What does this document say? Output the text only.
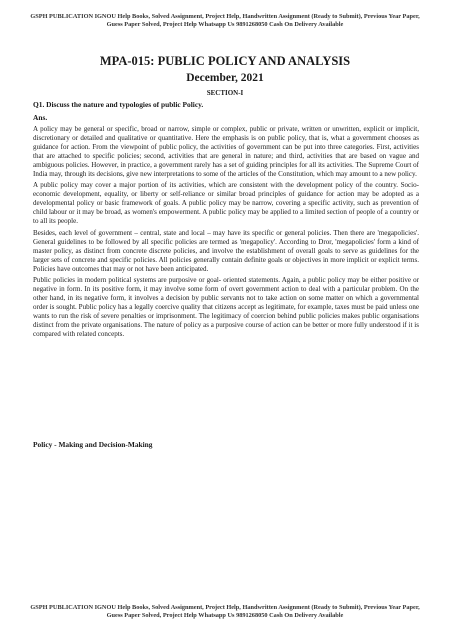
GSPH PUBLICATION IGNOU Help Books, Solved Assignment, Project Help, Handwritten Assignment (Ready to Submit), Previous Year Paper, Guess Paper Solved, Project Help Whatsapp Us 9891268050 Cash On Delivery Available
MPA-015: PUBLIC POLICY AND ANALYSIS
December, 2021
SECTION-I
Q1. Discuss the nature and typologies of public Policy.
Ans.

A policy may be general or specific, broad or narrow, simple or complex, public or private, written or unwritten, explicit or implicit, discretionary or detailed and qualitative or quantitative. Here the emphasis is on public policy, that is, what a government chooses as guidance for action. From the viewpoint of public policy, the activities of government can be put into three categories. First, activities that are attached to specific policies; second, activities that are general in nature; and third, activities that are based on vague and ambiguous policies. However, in practice, a government rarely has a set of guiding principles for all its activities. The Supreme Court of India may, through its decisions, give new interpretations to some of the articles of the Constitution, which may amount to a new policy.

A public policy may cover a major portion of its activities, which are consistent with the development policy of the country. Socio-economic development, equality, or liberty or self-reliance or similar broad principles of guidance for action may be adopted as a developmental policy or basic framework of goals. A public policy may be narrow, covering a specific activity, such as prevention of child labour or it may be broad, as women's empowerment. A public policy may be applied to a limited section of people of a country or to all its people.

Besides, each level of government – central, state and local – may have its specific or general policies. Then there are 'megapolicies'. General guidelines to be followed by all specific policies are termed as 'megapolicy'. According to Dror, 'megapolicies' form a kind of master policy, as distinct from concrete discrete policies, and involve the establishment of overall goals to serve as guidelines for the larger sets of concrete and specific policies. All policies generally contain definite goals or objectives in more implicit or explicit terms. Policies have outcomes that may or not have been anticipated.

Public policies in modern political systems are purposive or goal- oriented statements. Again, a public policy may be either positive or negative in form. In its positive form, it may involve some form of overt government action to deal with a particular problem. On the other hand, in its negative form, it involves a decision by public servants not to take action on some matter on which a governmental order is sought. Public policy has a legally coercive quality that citizens accept as legitimate, for example, taxes must be paid unless one wants to run the risk of severe penalties or imprisonment. The legitimacy of coercion behind public policies makes public organisations distinct from the private organisations. The nature of policy as a purposive course of action can be better or more fully understood if it is compared with related concepts.

Policy - Making and Decision-Making
GSPH PUBLICATION IGNOU Help Books, Solved Assignment, Project Help, Handwritten Assignment (Ready to Submit), Previous Year Paper, Guess Paper Solved, Project Help Whatsapp Us 9891268050 Cash On Delivery Available
